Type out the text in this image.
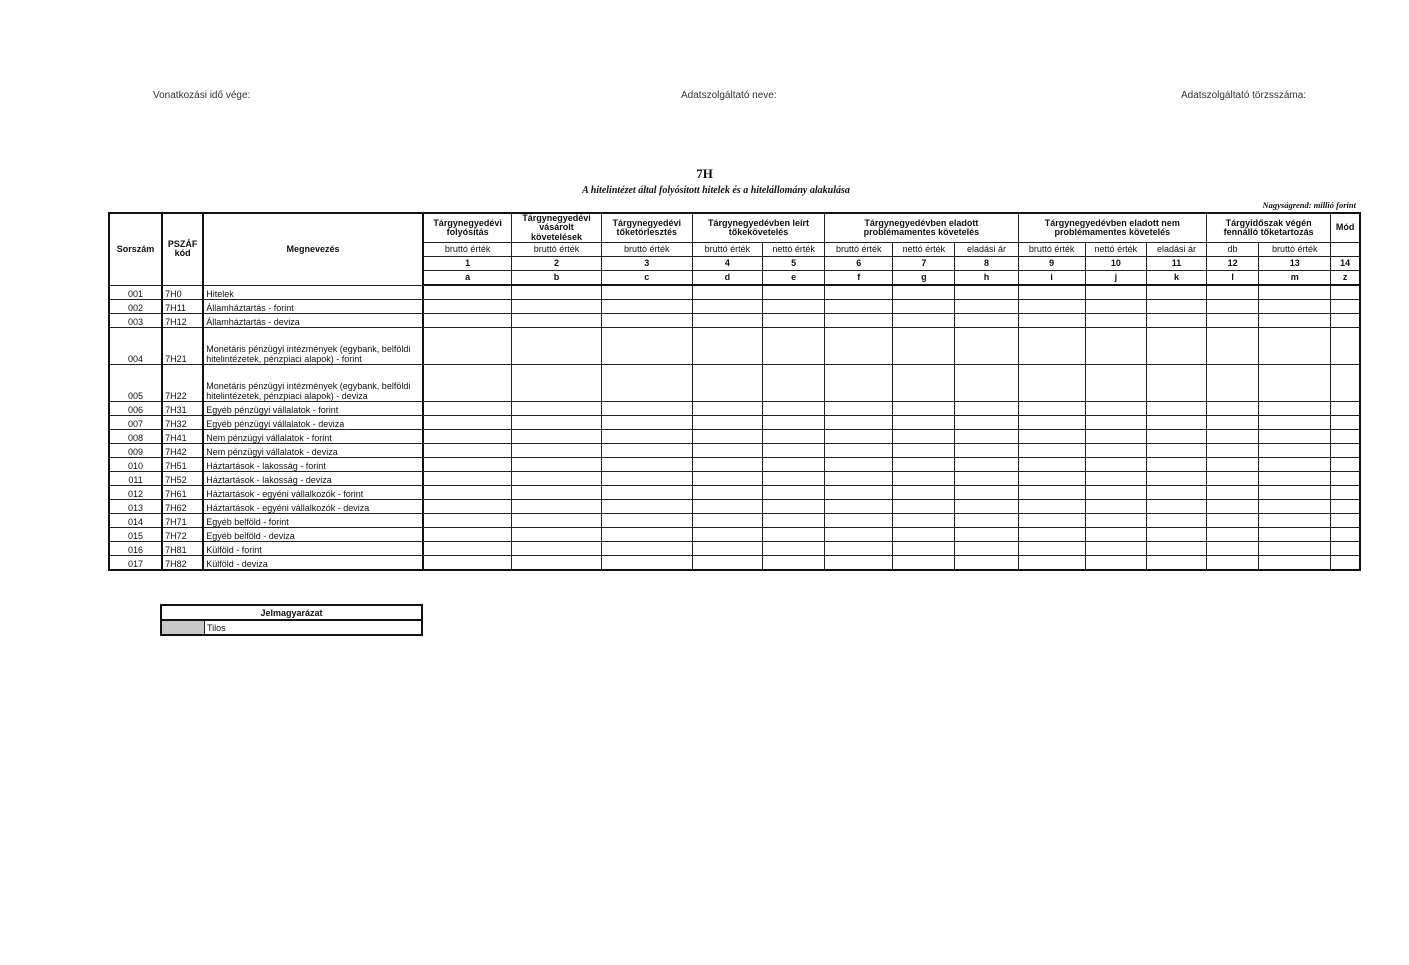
Vonatkozási idő vége:	Adatszolgáltató neve:	Adatszolgáltató törzsszáma:
7H
A hitelintézet által folyósított hitelek és a hitelállomány alakulása
Nagyságrend: millió forint
Sorszám	PSZÁF kód	Megnevezés	Tárgynegyedévi folyósítás	Tárgynegyedévi vásárolt követelések	Tárgynegyedévi tőketörlesztés	Tárgynegyedévben leírt tőkekövetelés		Tárgynegyedévben eladott problémamentes követelés			Tárgynegyedévben eladott nem problémamentes követelés			Tárgyidőszak végén fennálló tőketartozás		Mód
			bruttó érték	bruttó érték	bruttó érték	bruttó érték	nettó érték	bruttó érték	nettó érték	eladási ár	bruttó érték	nettó érték	eladási ár	db	bruttó érték	
			1	2	3	4	5	6	7	8	9	10	11	12	13	14
			a	b	c	d	e	f	g	h	i	j	k	l	m	z
001	7H0	Hitelek														
002	7H11	Államháztartás - forint														
003	7H12	Államháztartás - deviza														
004	7H21	Monetáris pénzügyi intézmények (egybank, belföldi hitelintézetek, pénzpiaci alapok) - forint														
005	7H22	Monetáris pénzügyi intézmények (egybank, belföldi hitelintézetek, pénzpiaci alapok) - deviza														
006	7H31	Egyéb pénzügyi vállalatok - forint														
007	7H32	Egyéb pénzügyi vállalatok - deviza														
008	7H41	Nem pénzügyi vállalatok - forint														
009	7H42	Nem pénzügyi vállalatok - deviza														
010	7H51	Háztartások - lakosság - forint														
011	7H52	Háztartások - lakosság - deviza														
012	7H61	Háztartások - egyéni vállalkozók - forint														
013	7H62	Háztartások - egyéni vállalkozók - deviza														
014	7H71	Egyéb belföld - forint														
015	7H72	Egyéb belföld - deviza														
016	7H81	Külföld - forint														
017	7H82	Külföld - deviza														
Jelmagyarázat
	Tilos
